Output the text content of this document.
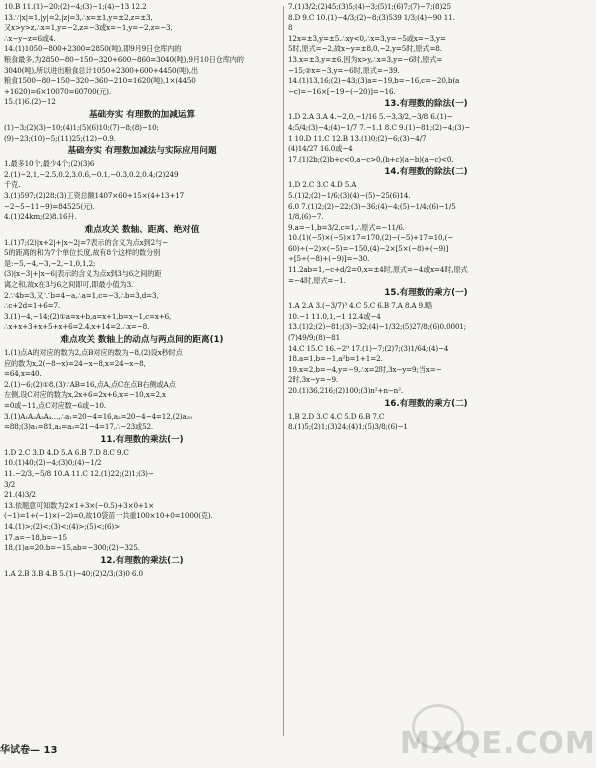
10.B 11.(1)−20;(2)−4;(3)−1;(4)−13 12.2
13.∵|x|=1,|y|=2,|z|=3,∴x=±1,y=±2,z=±3,
又x>y>z,∴x=1,y=−2,z=−3或x=−1,y=−2,z=−3,
∴x−y−z=6或4.
14.(1)1050−800+2300=2850(吨),即9月9日仓库内的
粮食最多,为2850−80−150−320+600−860=3040(吨),9月10日仓库内的
3040(吨),所以进出粮食总计1050+2300+600+4450(吨),出
粮食1500−80−150−320−360−210=1620(吨),1×(4450
+1620)=6×10070=60700(元).
15.(1)6.(2)−12
基础夯实 有理数的加减运算
(1)−3;(2)(3)−10;(4)1;(5)(6)10;(7)−8;(8)−10;
(9)−23;(10)−5;(11)25;(12)−0.9.
基础夯实 有理数加减法与实际应用问题
1.最多10个,最少4个;(2)(3)6
2.(1)−2,1,−2.5,0.2,3.0.6,−0.1,−0.3,0.2,0.4;(2)249
千克.
3.(1)597;(2)28;(3)工资总额1407×60+15×(4+13+17
−2−5−11−9)=84525(元).
4.(1)24km;(2)8.16升.
难点攻关 数轴、距离、绝对值
1.(1)7;(2)|x+2|+|x−2|=7表示的含义为点x到2与−
5的距离的和为7个单位长度,故有8个这样的数分别
是:−5,−4,−3,−2,−1,0,1,2;
(3)|x−3|+|x−6|表示的含义为点x到3与6之间的距
离之和,故x在3与6之间即可,即最小值为3.
2.∵4b=3,又∵b=4−a,∴a=1,c=−3,∴b=3,d=3,
∴c+2d=1+6=7.
3.(1)−4,−14;(2)①a=x+b,a=x+1,b=x−1,c=x+6,
∴x+x+3+x+5+x+6=2.4,x+14=2.∴x=−8.
难点攻关 数轴上的动点与两点间的距离(1)
1.(1)点A的对应的数为2,点B对应的数为−8,(2)设x秒时点
应的数为x,2(−8−x)=24−x−8,x=24−x−8,
=64,x=40.
2.(1)−6;(2)①8,(3)∵AB=16,点A,点C在点B右侧或A点
左侧,设C对应的数为x,2x+6=2x+6,x=−10,x=2,x
=0或−11,点C对应数−6或−10.
3.(1)A₁A₂A₃A₄…,∴a₁=20−4=16,a₂=20−4−4=12,(2)a₂₀
=88;(3)a₁=81,a₂=a₃=21−4=17,∴−23或52.
11.有理数的乘法(一)
1.D 2.C 3.D 4.D 5.A 6.B 7.D 8.C 9.C
10.(1)40;(2)−4;(3)0;(4)−1/2
11.−2/3,−5/8 10.A 11.C 12.(1)22;(2)1;(3)−
3/2
21.(4)3/2
13.依题意可知数为2×1+3×(−0.5)+3×0+1×
(−1)=1+(−1)×(−2)=0,故10袋苗一共重100×10+0=1000(克).
14.(1)>;(2)<;(3)<;(4)>;(5)<;(6)>
17.a=−18,b=−15
18.(1)a=20.b=−15,ab=−300;(2)−325.
12.有理数的乘法(二)
1.A 2.B 3.B 4.B 5.(1)−40;(2)2/3;(3)0 6.0
7.(1)3/2;(2)45;(3)5;(4)−3;(5)1;(6)7;(7)−7;(8)25
8.D 9.C 10.(1)−4/3;(2)−8;(3)539 1/3;(4)−90 11.
8
12x=±3,y=±5.∴xy<0,∴x=3,y=−5或x=−3,y=
5时,原式=−2,故x−y=±8,0,−2,y=5时,原式=8.
13.x=±3,y=±6,因为x>y,∴x=3,y=−6时,原式=
−15;②x=−3,y=−6时,原式=−39.
14.(1)13,16;(2)−43;(3)a=−19,b=−16,c=−20,b(a
−c)=−16×[−19−(−20)]=−16.
13.有理数的除法(一)
1.D 2.A 3.A 4.−2,0,−1/16 5.−3,3/2,−3/8 6.(1)−
4;5/4;(3)−4;(4)−1/7 7.−1.1 8.C 9.(1)−81;(2)−4;(3)−
1 10.D 11.C 12.B 13.(1)0;(2)−6;(3)−4/7
(4)14/27 16.0或−4
17.(1)2b;(2)b+c<0,a−c>0,(b+c)(a−b)(a−c)<0.
14.有理数的除法(二)
1.D 2.C 3.C 4.D 5.A
5.(1)2;(2)−1/6;(3)(4)−(5)−25(6)14.
6.0 7.(1)2;(2)−22;(3)−36;(4)−4;(5)−1/4;(6)−1/5
1/8,(6)−7.
9.a=−1,b=3/2,c=1,∴原式=−11/6.
10.(1)(−5)×(−5)×17=170,(2)−(−5)+17=10,(−
60)÷(−2)×(−5)=−150,(4)−2×[5×(−8)+(−9)]
÷[5÷(−8)+(−9)]=−30.
11.2ab=1,−c+d/2=0,x=±4时,原式=−4或x=4时,原式
=−4时,原式=−1.
15.有理数的乘方(一)
1.A 2.A 3.(−3/7)³ 4.C 5.C 6.B 7.A 8.A 9.略
10.−1 11.0,1,−1 12.4或−4
13.(1)2;(2)−81;(3)−32;(4)−1/32;(5)27/8;(6)0.0001;
(7)49/9;(8)−81
14.C 15.C 16.−2⁹ 17.(1)−7;(2)7;(3)1/64;(4)−4
18.a=1,b=−1,a²b=1+1=2.
19.x=2,b=−4,y=−9,∴x=2时,3x−y=9;当x=−
2时,3x−y=−9.
20.(1)36,216;(2)100;(3)n²+n−n².
16.有理数的乘方(二)
1.B 2.D 3.C 4.C 5.D 6.B 7.C
8.(1)5;(2)1;(3)24;(4)1;(5)3/8;(6)−1
华试卷— 13	MXQE.COM
